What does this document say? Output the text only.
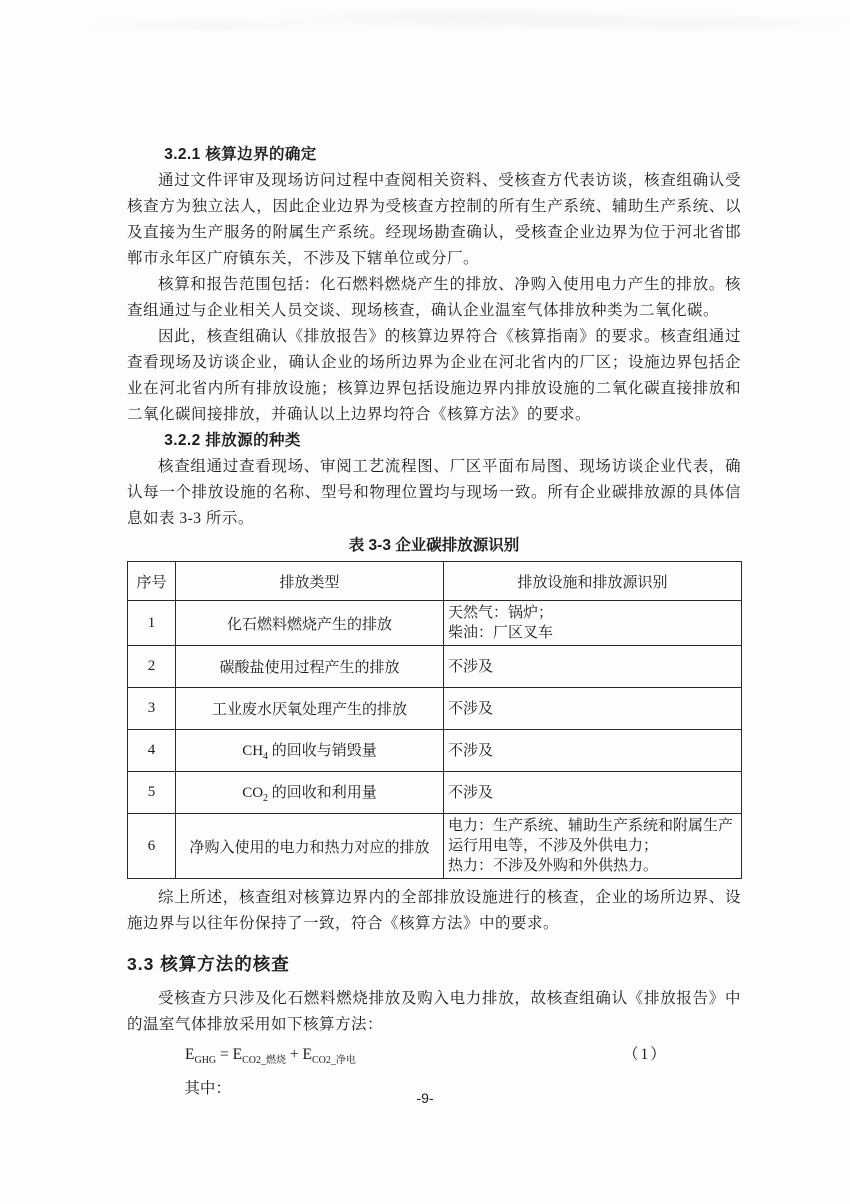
3.2.1 核算边界的确定

通过文件评审及现场访问过程中查阅相关资料、受核查方代表访谈，核查组确认受核查方为独立法人，因此企业边界为受核查方控制的所有生产系统、辅助生产系统、以及直接为生产服务的附属生产系统。经现场勘查确认，受核查企业边界为位于河北省邯郸市永年区广府镇东关，不涉及下辖单位或分厂。

核算和报告范围包括：化石燃料燃烧产生的排放、净购入使用电力产生的排放。核查组通过与企业相关人员交谈、现场核查，确认企业温室气体排放种类为二氧化碳。

因此，核查组确认《排放报告》的核算边界符合《核算指南》的要求。核查组通过查看现场及访谈企业，确认企业的场所边界为企业在河北省内的厂区；设施边界包括企业在河北省内所有排放设施；核算边界包括设施边界内排放设施的二氧化碳直接排放和二氧化碳间接排放，并确认以上边界均符合《核算方法》的要求。

3.2.2 排放源的种类

核查组通过查看现场、审阅工艺流程图、厂区平面布局图、现场访谈企业代表，确认每一个排放设施的名称、型号和物理位置均与现场一致。所有企业碳排放源的具体信息如表 3-3 所示。

表 3-3 企业碳排放源识别
序号	排放类型	排放设施和排放源识别
1	化石燃料燃烧产生的排放	天然气：锅炉；
柴油：厂区叉车

2	碳酸盐使用过程产生的排放	不涉及
3	工业废水厌氧处理产生的排放	不涉及
4	$CH_4$ 的回收与销毁量	不涉及
5	$CO_2$ 的回收和利用量	不涉及
6	净购入使用的电力和热力对应的排放	电力：生产系统、辅助生产系统和附属生产运行用电等，不涉及外供电力；
热力：不涉及外购和外供热力。

综上所述，核查组对核算边界内的全部排放设施进行的核查，企业的场所边界、设施边界与以往年份保持了一致，符合《核算方法》中的要求。

3.3 核算方法的核查

受核查方只涉及化石燃料燃烧排放及购入电力排放，故核查组确认《排放报告》中的温室气体排放采用如下核算方法：

$E_{GHG} = E_{CO2\_燃烧} + E_{CO2\_净电}$	（1）

其中：

-9-
